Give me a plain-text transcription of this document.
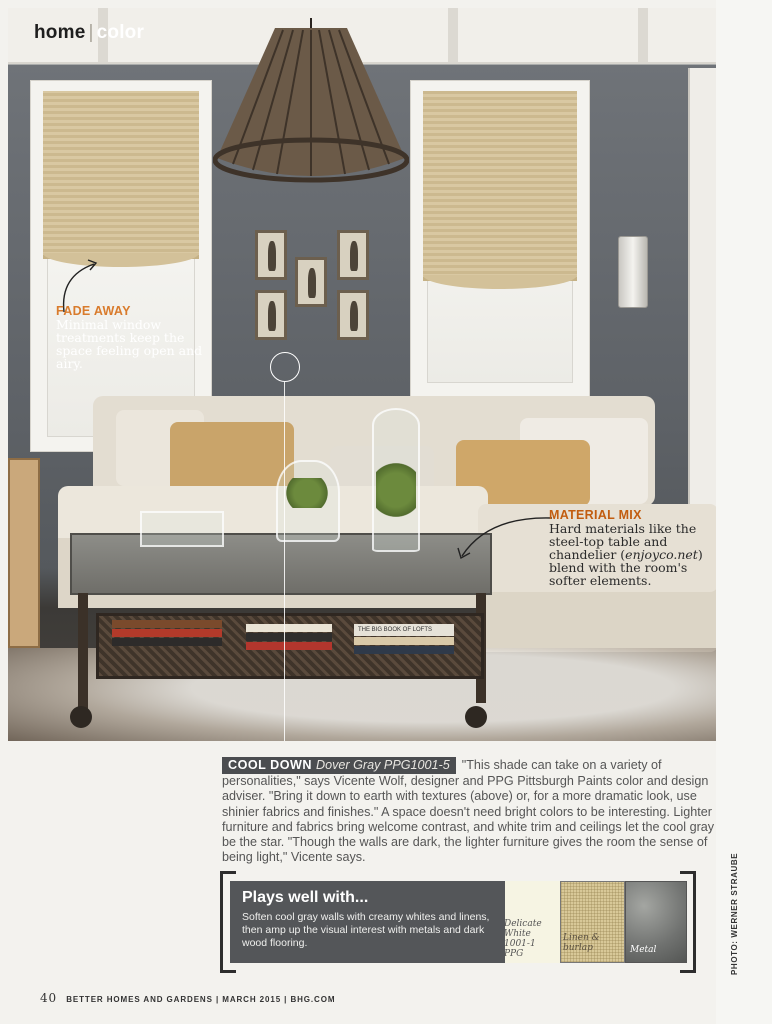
THE BIG BOOK OF LOFTS
home | color
FADE AWAY
Minimal window treatments keep the space feeling open and airy.
MATERIAL MIX
Hard materials like the steel-top table and chandelier (enjoyco.net) blend with the room's softer elements.
COOL DOWN Dover Gray PPG1001-5 "This shade can take on a variety of personalities," says Vicente Wolf, designer and PPG Pittsburgh Paints color and design adviser. "Bring it down to earth with textures (above) or, for a more dramatic look, use shinier fabrics and finishes." A space doesn't need bright colors to be interesting. Lighter furniture and fabrics bring welcome contrast, and white trim and ceilings let the cool gray be the star. "Though the walls are dark, the lighter furniture gives the room the sense of being light," Vicente says.
Plays well with...
Soften cool gray walls with creamy whites and linens, then amp up the visual interest with metals and dark wood flooring.
Delicate
White
1001-1
PPG
Linen &
burlap	Metal	PHOTO: WERNER STRAUBE
40 BETTER HOMES AND GARDENS | MARCH 2015 | BHG.COM
